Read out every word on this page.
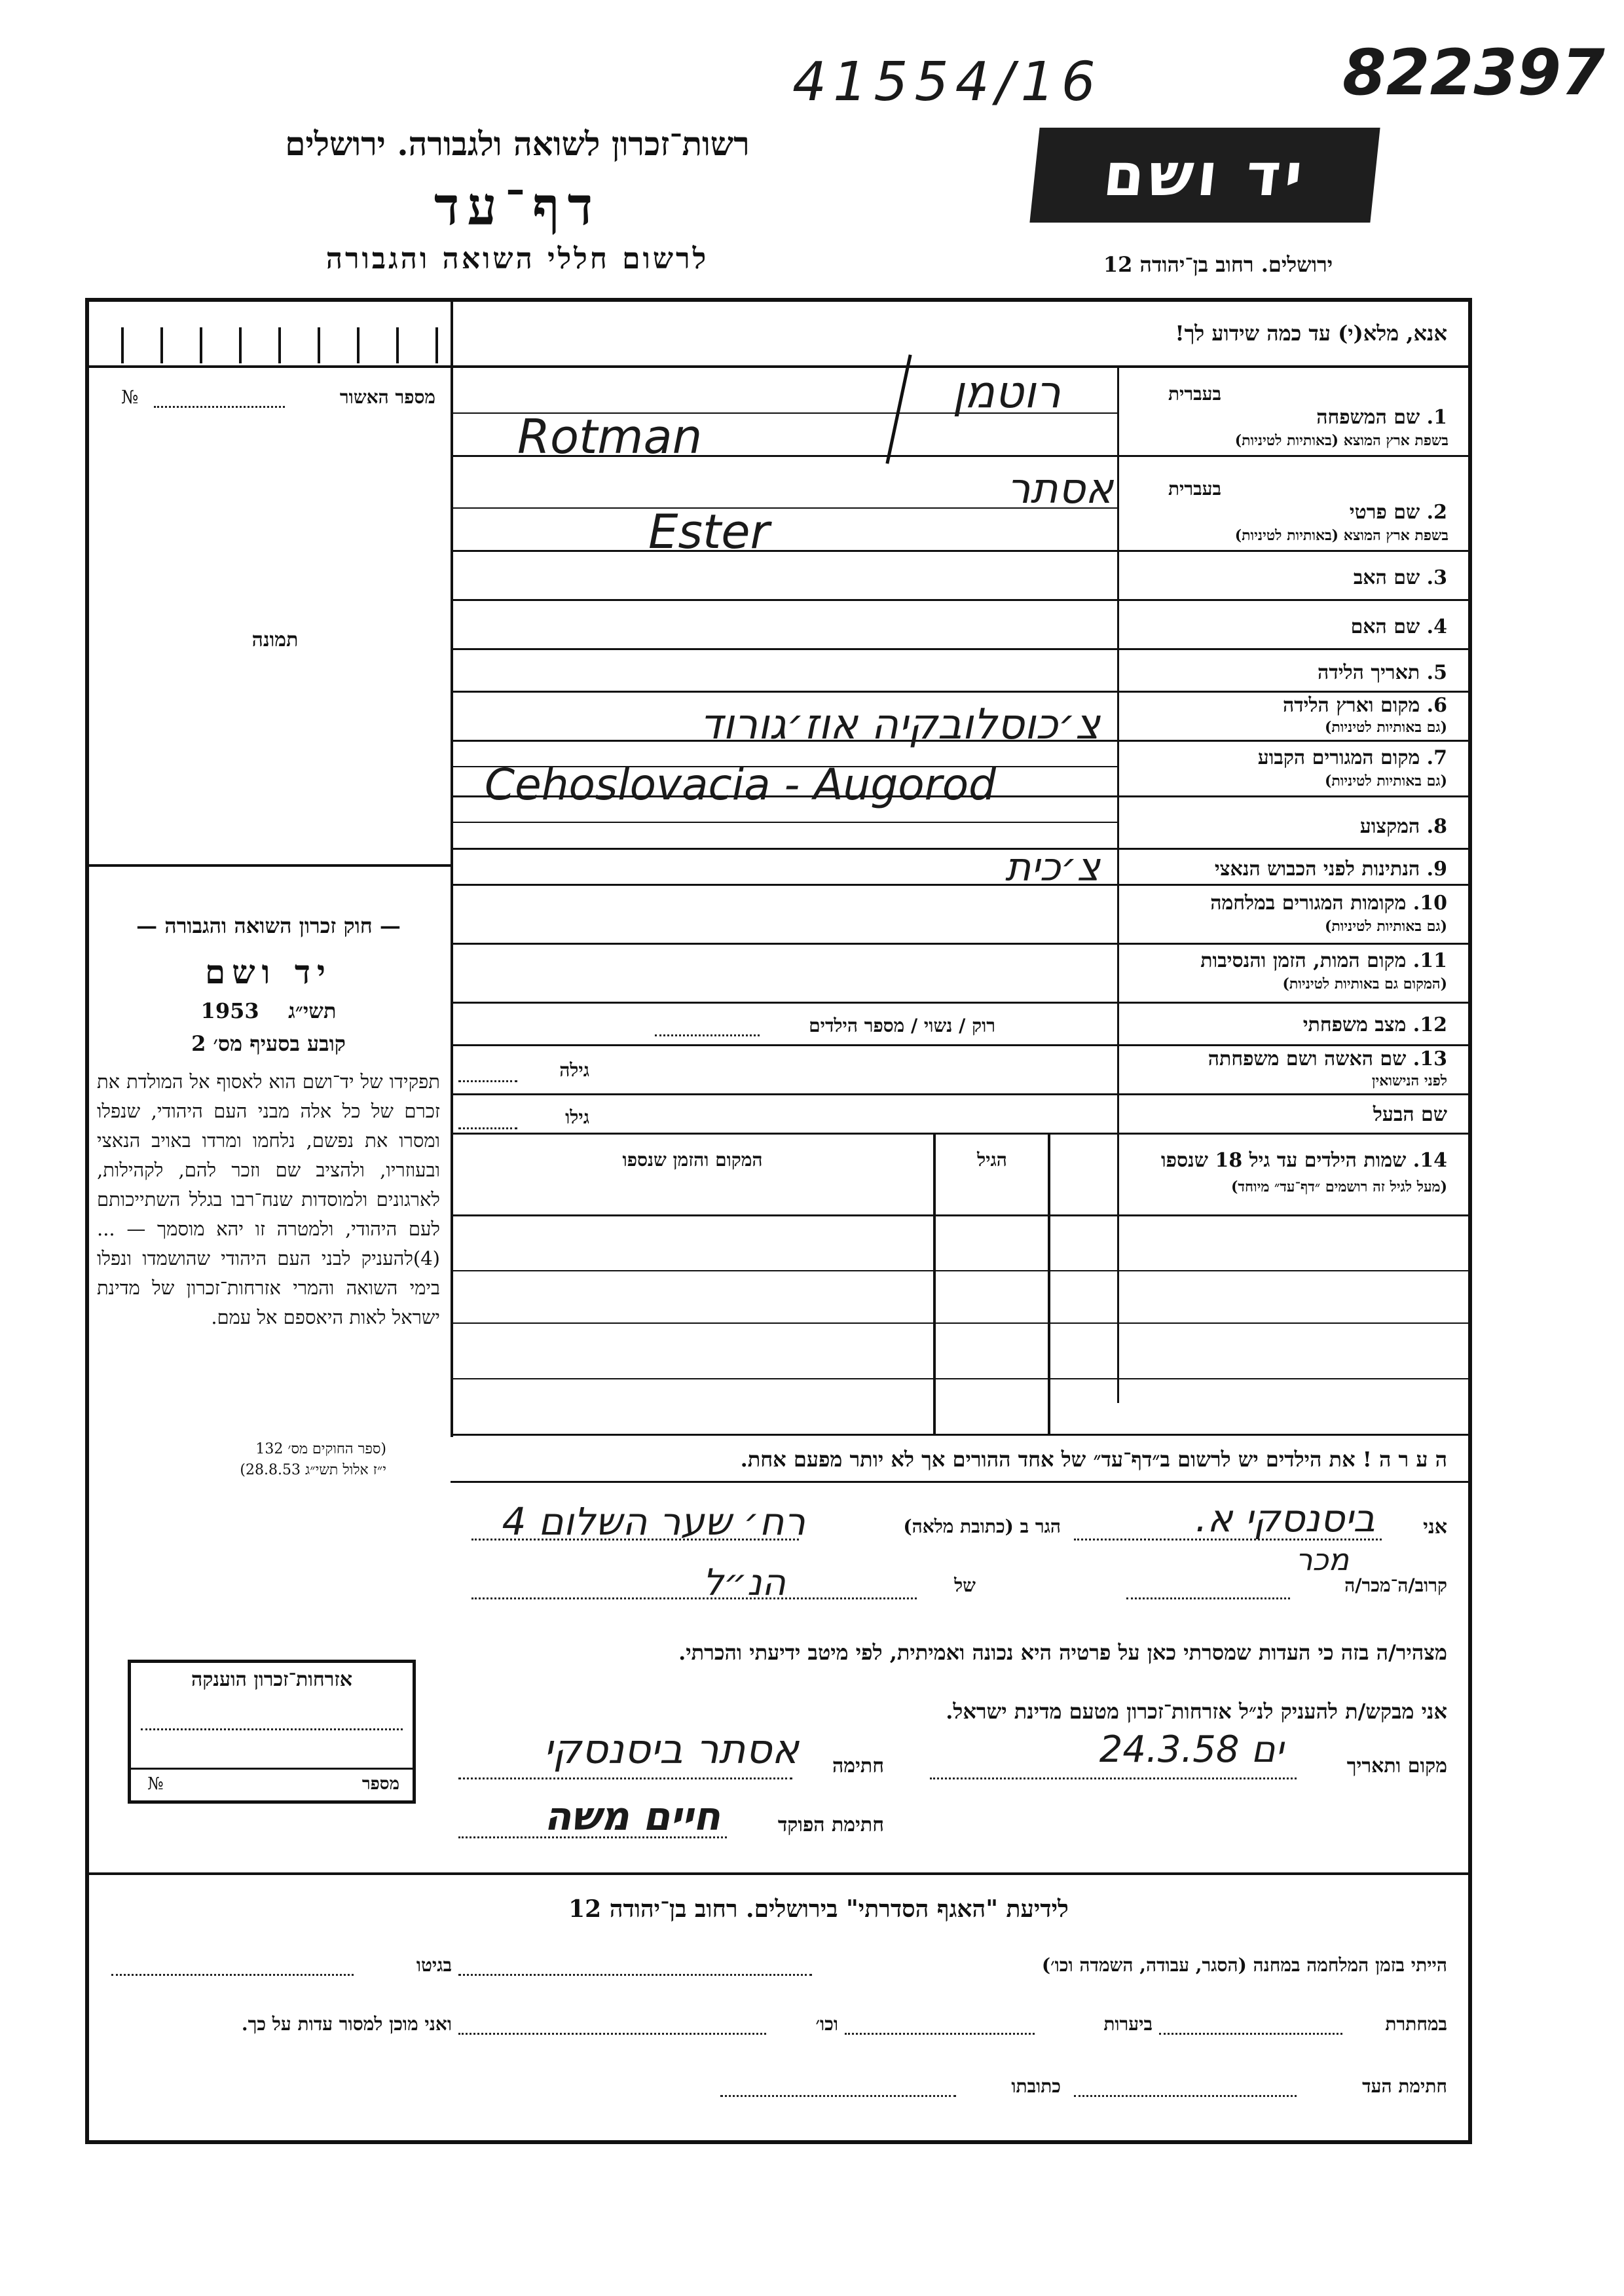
41554/16	822397
רשות־זכרון לשואה ולגבורה. ירושלים
דף־עד
לרשום חללי השואה והגבורה
יד ושם
ירושלים. רחוב בן־יהודה 12
אנא, מלא(י) עד כמה שידוע לך!
№	מספר האשור
תמונה
— חוק זכרון השואה והגבורה —
יד ושם
1953 תשי״ג
קובע בסעיף מס׳ 2
תפקידו של יד־ושם הוא לאסוף אל המולדת את זכרם של כל אלה מבני העם היהודי, שנפלו ומסרו את נפשם, נלחמו ומרדו באויב הנאצי ובעוזריו, ולהציב שם וזכר להם, לקהילות, לארגונים ולמוסדות שנח־רבו בגלל השתייכותם לעם היהודי, ולמטרה זו יהא מוסמך — ...(4)להעניק לבני העם היהודי שהושמדו ונפלו בימי השואה והמרי אזרחות־זכרון של מדינת ישראל לאות היאספם אל עמם.
(ספר החוקים מס׳ 132
י״ז אלול תשי״ג 28.8.53)
בעברית
1. שם המשפחה
בשפת ארץ המוצא (באותיות לטיניות)
רוטמן
Rotman
בעברית
2. שם פרטי
בשפת ארץ המוצא (באותיות לטיניות)
אסתר
Ester
3. שם האב
4. שם האם
5. תאריך הלידה
6. מקום וארץ הלידה
(גם באותיות לטיניות)
צ׳כוסלובקיה אוז׳גורוד
7. מקום המגורים הקבוע
(גם באותיות לטיניות)
Cehoslovacia - Augorod
8. המקצוע
9. הנתינות לפני הכבוש הנאצי
צ׳כית
10. מקומות המגורים במלחמה
(גם באותיות לטיניות)
11. מקום המות, הזמן והנסיבות
(המקום גם באותיות לטיניות)
12. מצב משפחתי
רוק / נשוי / מספר הילדים
13. שם האשה ושם משפחתה
לפני הנישואין
גילה
שם הבעל
גילו
14. שמות הילדים עד גיל 18 שנספו
(מעל לגיל זה רושמים ״דף־עד״ מיוחד)
הגיל
המקום והזמן שנספו
ה ע ר ה ! את הילדים יש לרשום ב״דף־עד״ של אחד ההורים אך לא יותר מפעם אחת.
אני
ביסנסקי א.
הגר ב (כתובת מלאה)
רח׳ שער השלום 4
קרוב/ה־מכר/ה
מכר
של
הנ״ל
מצהיר/ה בזה כי העדות שמסרתי כאן על פרטיה היא נכונה ואמיתית, לפי מיטב ידיעתי והכרתי.
אני מבקש/ת להעניק לנ״ל אזרחות־זכרון מטעם מדינת ישראל.
אזרחות־זכרון הוענקה
מספר
№
מקום ותאריך
ים 24.3.58
חתימה
אסתר ביסנסקי
חתימת הפוקד
חיים משה
לידיעת "האגף הסדרתי" בירושלים. רחוב בן־יהודה 12
הייתי בזמן המלחמה במחנה (הסגר, עבודה, השמדה וכו׳)
בגיטו
במחתרת
ביערות
וכו׳
ואני מוכן למסור עדות על כך.
חתימת העד
כתובתו
